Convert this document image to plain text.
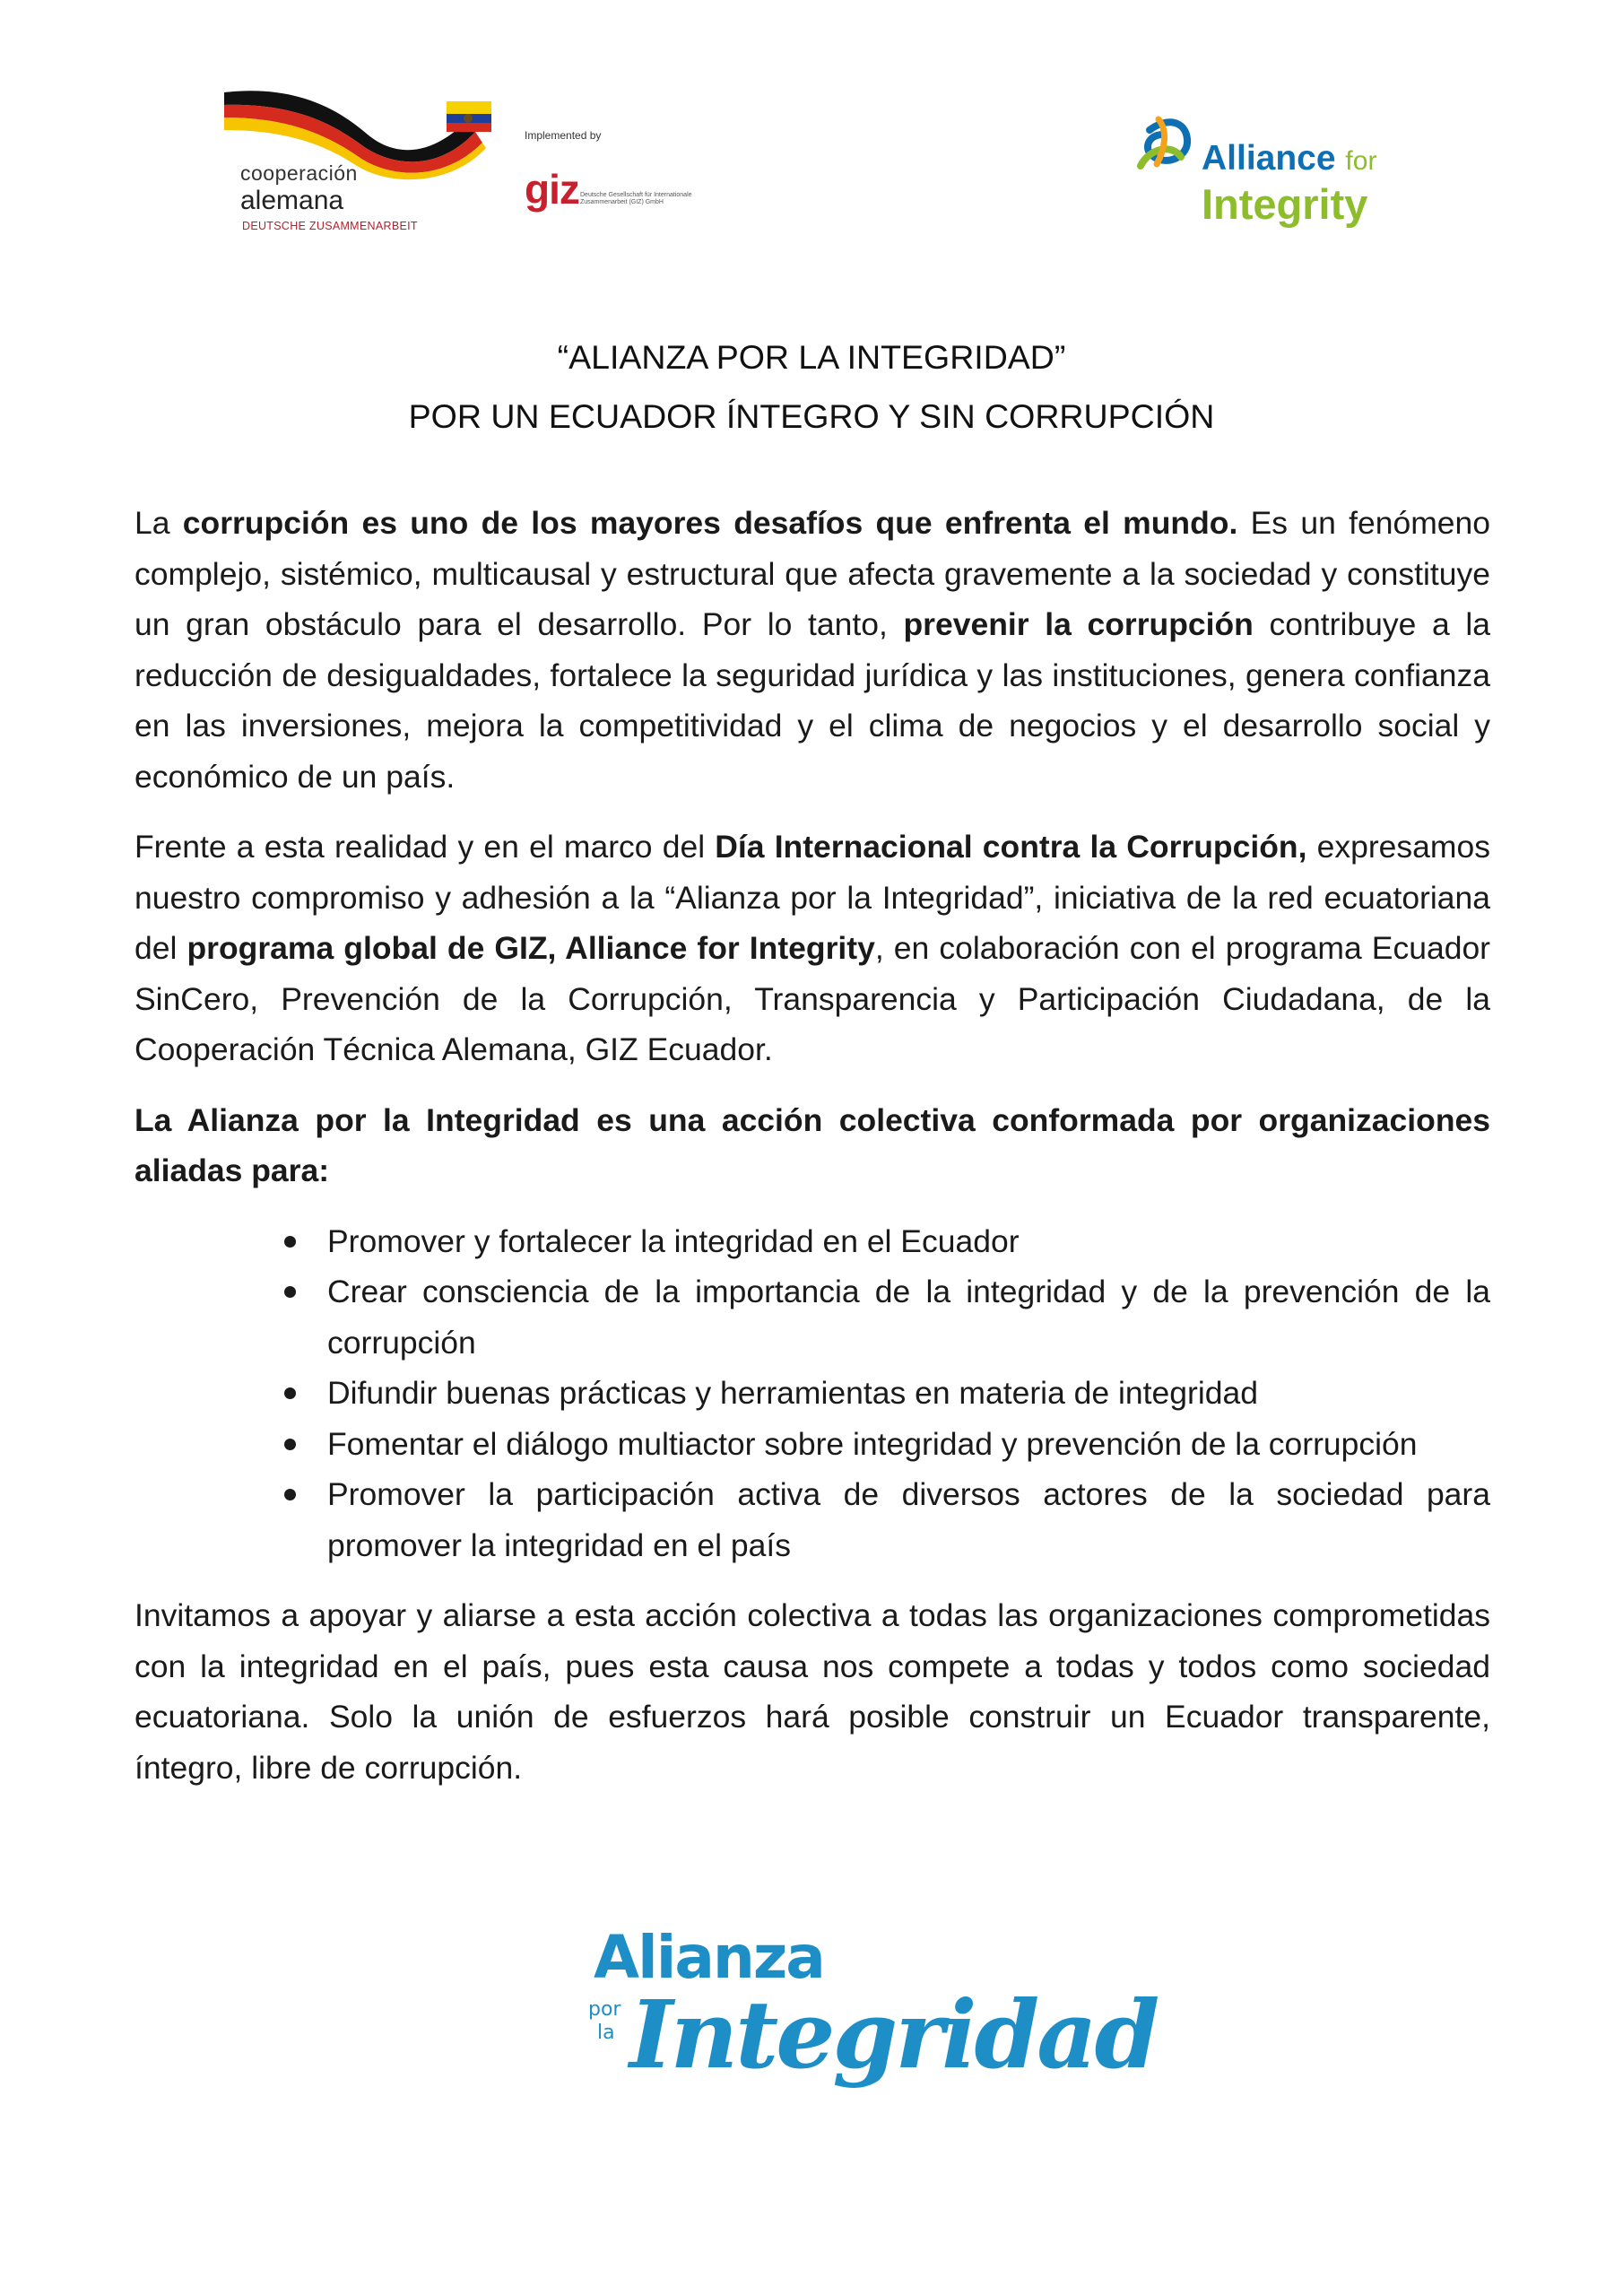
cooperación
alemana
DEUTSCHE ZUSAMMENARBEIT
Implemented by
giz Deutsche Gesellschaft für Internationale Zusammenarbeit (GIZ) GmbH
Alliance for
Integrity
“ALIANZA POR LA INTEGRIDAD”
POR UN ECUADOR ÍNTEGRO Y SIN CORRUPCIÓN

La corrupción es uno de los mayores desafíos que enfrenta el mundo. Es un fenómeno complejo, sistémico, multicausal y estructural que afecta gravemente a la sociedad y constituye un gran obstáculo para el desarrollo. Por lo tanto, prevenir la corrupción contribuye a la reducción de desigualdades, fortalece la seguridad jurídica y las instituciones, genera confianza en las inversiones, mejora la competitividad y el clima de negocios y el desarrollo social y económico de un país.

Frente a esta realidad y en el marco del Día Internacional contra la Corrupción, expresamos nuestro compromiso y adhesión a la “Alianza por la Integridad”, iniciativa de la red ecuatoriana del programa global de GIZ, Alliance for Integrity, en colaboración con el programa Ecuador SinCero, Prevención de la Corrupción, Transparencia y Participación Ciudadana, de la Cooperación Técnica Alemana, GIZ Ecuador.

La Alianza por la Integridad es una acción colectiva conformada por organizaciones aliadas para:

Promover y fortalecer la integridad en el Ecuador
Crear consciencia de la importancia de la integridad y de la prevención de la corrupción
Difundir buenas prácticas y herramientas en materia de integridad
Fomentar el diálogo multiactor sobre integridad y prevención de la corrupción
Promover la participación activa de diversos actores de la sociedad para promover la integridad en el país

Invitamos a apoyar y aliarse a esta acción colectiva a todas las organizaciones comprometidas con la integridad en el país, pues esta causa nos compete a todas y todos como sociedad ecuatoriana. Solo la unión de esfuerzos hará posible construir un Ecuador transparente, íntegro, libre de corrupción.

Alianza
por
la Integridad
